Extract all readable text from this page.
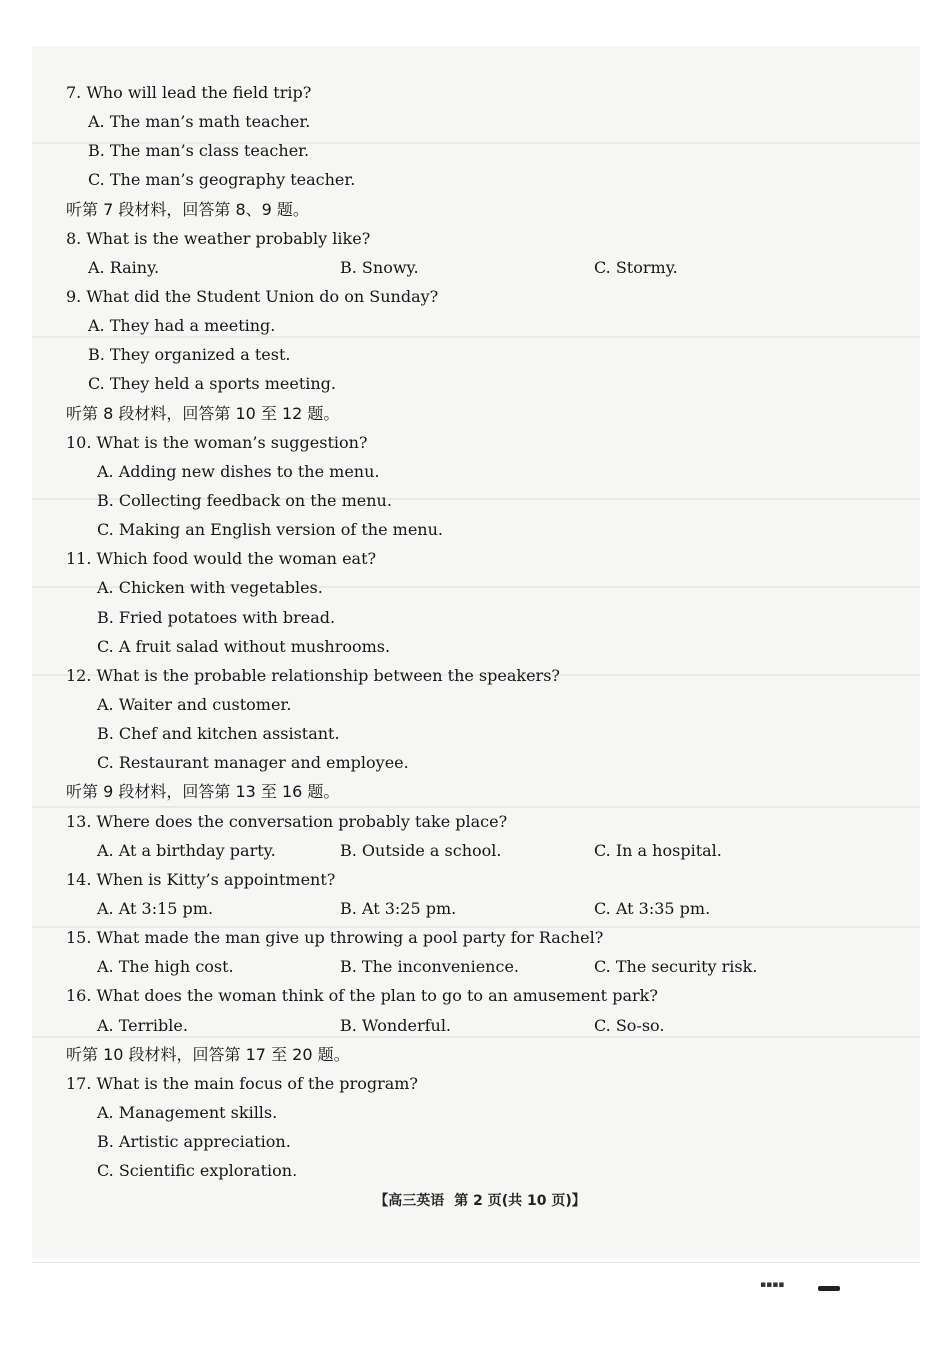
7. Who will lead the field trip?
A. The man’s math teacher.
B. The man’s class teacher.
C. The man’s geography teacher.
听第 7 段材料，回答第 8、9 题。
8. What is the weather probably like?
A. Rainy.	B. Snowy.	C. Stormy.
9. What did the Student Union do on Sunday?
A. They had a meeting.
B. They organized a test.
C. They held a sports meeting.
听第 8 段材料，回答第 10 至 12 题。
10. What is the woman’s suggestion?
A. Adding new dishes to the menu.
B. Collecting feedback on the menu.
C. Making an English version of the menu.
11. Which food would the woman eat?
A. Chicken with vegetables.
B. Fried potatoes with bread.
C. A fruit salad without mushrooms.
12. What is the probable relationship between the speakers?
A. Waiter and customer.
B. Chef and kitchen assistant.
C. Restaurant manager and employee.
听第 9 段材料，回答第 13 至 16 题。
13. Where does the conversation probably take place?
A. At a birthday party.	B. Outside a school.	C. In a hospital.
14. When is Kitty’s appointment?
A. At 3:15 pm.	B. At 3:25 pm.	C. At 3:35 pm.
15. What made the man give up throwing a pool party for Rachel?
A. The high cost.	B. The inconvenience.	C. The security risk.
16. What does the woman think of the plan to go to an amusement park?
A. Terrible.	B. Wonderful.	C. So-so.
听第 10 段材料，回答第 17 至 20 题。
17. What is the main focus of the program?
A. Management skills.
B. Artistic appreciation.
C. Scientific exploration.
【高三英语 第 2 页(共 10 页)】
▪▪▪▪
